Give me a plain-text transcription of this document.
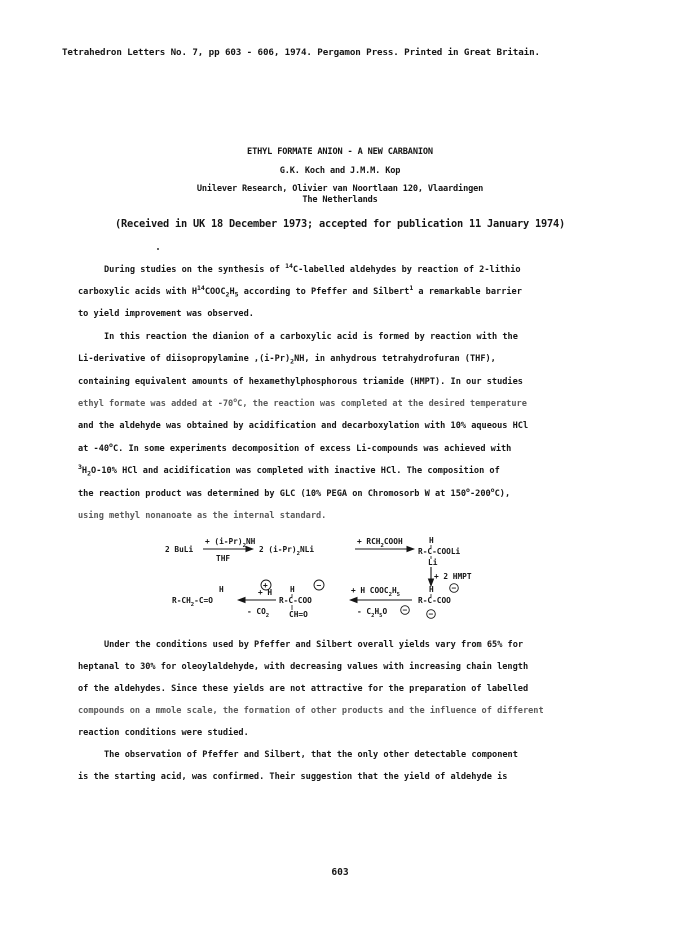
Tetrahedron Letters No. 7, pp 603 - 606, 1974. Pergamon Press. Printed in Great Britain.
ETHYL FORMATE ANION - A NEW CARBANION
G.K. Koch and J.M.M. Kop
Unilever Research, Olivier van Noortlaan 120, Vlaardingen
The Netherlands
(Received in UK 18 December 1973; accepted for publication 11 January 1974)
During studies on the synthesis of $^{14}$C-labelled aldehydes by reaction of 2-lithio
carboxylic acids with $H^{14}COOC_2H_5$ according to Pfeffer and Silbert$^1$ a remarkable barrier
to yield improvement was observed.
In this reaction the dianion of a carboxylic acid is formed by reaction with the
Li-derivative of diisopropylamine $,(i-Pr)_2NH$, in anhydrous tetrahydrofuran (THF),
containing equivalent amounts of hexamethylphosphorous triamide (HMPT). In our studies
ethyl formate was added at -70$^o$C, the reaction was completed at the desired temperature
and the aldehyde was obtained by acidification and decarboxylation with 10% aqueous HCl
at -40$^o$C. In some experiments decomposition of excess Li-compounds was achieved with
$^3H_2O-10\%$ HCl and acidification was completed with inactive HCl. The composition of
the reaction product was determined by GLC (10% PEGA on Chromosorb W at 150$^o$-200$^o$C),
using methyl nonanoate as the internal standard.
2 BuLi
+ $(i-Pr)_2NH$
THF
2 $(i-Pr)_2NLi$
+ $RCH_2COOH$	H
R-C-COOLi
Li
+ 2 HMPT
H
R-C-COO
−
−
+ H $COOC_2H_5$
- $C_2H_5O$ −
H
R-C-COO
CH=O
+	−
+ H
- $CO_2$
H
$R-CH_2-C=O$
Under the conditions used by Pfeffer and Silbert overall yields vary from 65% for
heptanal to 30% for oleoylaldehyde, with decreasing values with increasing chain length
of the aldehydes. Since these yields are not attractive for the preparation of labelled
compounds on a mmole scale, the formation of other products and the influence of different
reaction conditions were studied.
The observation of Pfeffer and Silbert, that the only other detectable component
is the starting acid, was confirmed. Their suggestion that the yield of aldehyde is
603
